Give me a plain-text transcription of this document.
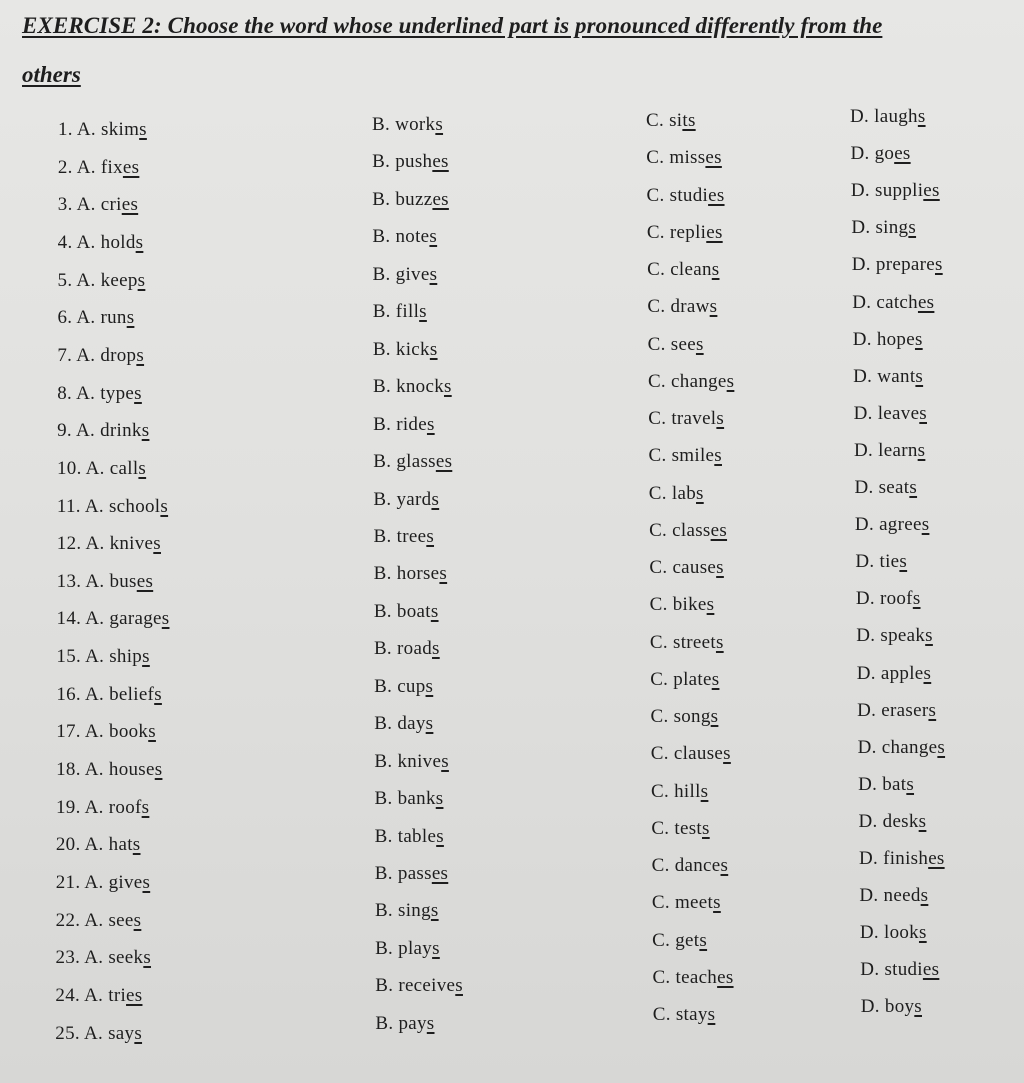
EXERCISE 2: Choose the word whose underlined part is pronounced differently from the
others
1. A. skims	B. works	C. sits	D. laughs
2. A. fixes	B. pushes	C. misses	D. goes
3. A. cries	B. buzzes	C. studies	D. supplies
4. A. holds	B. notes	C. replies	D. sings
5. A. keeps	B. gives	C. cleans	D. prepares
6. A. runs	B. fills	C. draws	D. catches
7. A. drops	B. kicks	C. sees	D. hopes
8. A. types	B. knocks	C. changes	D. wants
9. A. drinks	B. rides	C. travels	D. leaves
10. A. calls	B. glasses	C. smiles	D. learns
11. A. schools	B. yards	C. labs	D. seats
12. A. knives	B. trees	C. classes	D. agrees
13. A. buses	B. horses	C. causes	D. ties
14. A. garages	B. boats	C. bikes	D. roofs
15. A. ships	B. roads	C. streets	D. speaks
16. A. beliefs	B. cups	C. plates	D. apples
17. A. books	B. days	C. songs	D. erasers
18. A. houses	B. knives	C. clauses	D. changes
19. A. roofs	B. banks	C. hills	D. bats
20. A. hats	B. tables	C. tests	D. desks
21. A. gives	B. passes	C. dances	D. finishes
22. A. sees	B. sings	C. meets	D. needs
23. A. seeks	B. plays	C. gets	D. looks
24. A. tries	B. receives	C. teaches	D. studies
25. A. says	B. pays	C. stays	D. boys
